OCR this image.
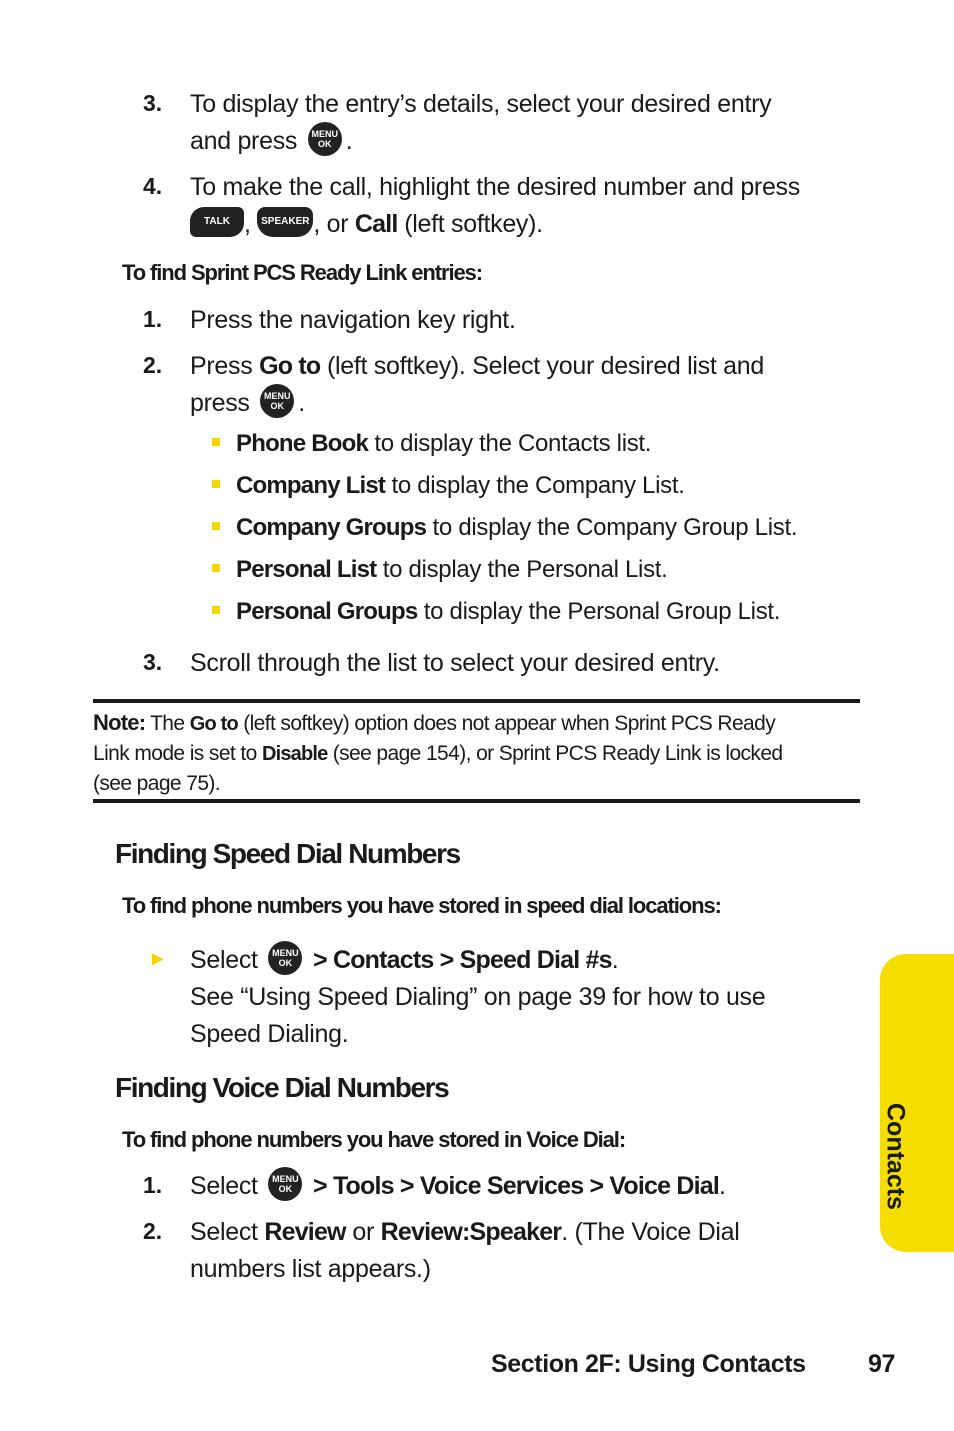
3. To display the entry’s details, select your desired entry
and press MENU
OK .
4. To make the call, highlight the desired number and press
TALK , SPEAKER , or Call (left softkey).
To find Sprint PCS Ready Link entries:
1. Press the navigation key right.
2. Press Go to (left softkey). Select your desired list and
press MENU
OK .
Phone Book to display the Contacts list.
Company List to display the Company List.
Company Groups to display the Company Group List.
Personal List to display the Personal List.
Personal Groups to display the Personal Group List.
3. Scroll through the list to select your desired entry.
Note: The Go to (left softkey) option does not appear when Sprint PCS Ready
Link mode is set to Disable (see page 154), or Sprint PCS Ready Link is locked
(see page 75).
Finding Speed Dial Numbers
To find phone numbers you have stored in speed dial locations:
► Select MENU
OK > Contacts > Speed Dial #s.
See “Using Speed Dialing” on page 39 for how to use
Speed Dialing.
Finding Voice Dial Numbers
To find phone numbers you have stored in Voice Dial:
1. Select MENU
OK > Tools > Voice Services > Voice Dial.
2. Select Review or Review:Speaker. (The Voice Dial
numbers list appears.)
Contacts
Section 2F: Using Contacts 97
